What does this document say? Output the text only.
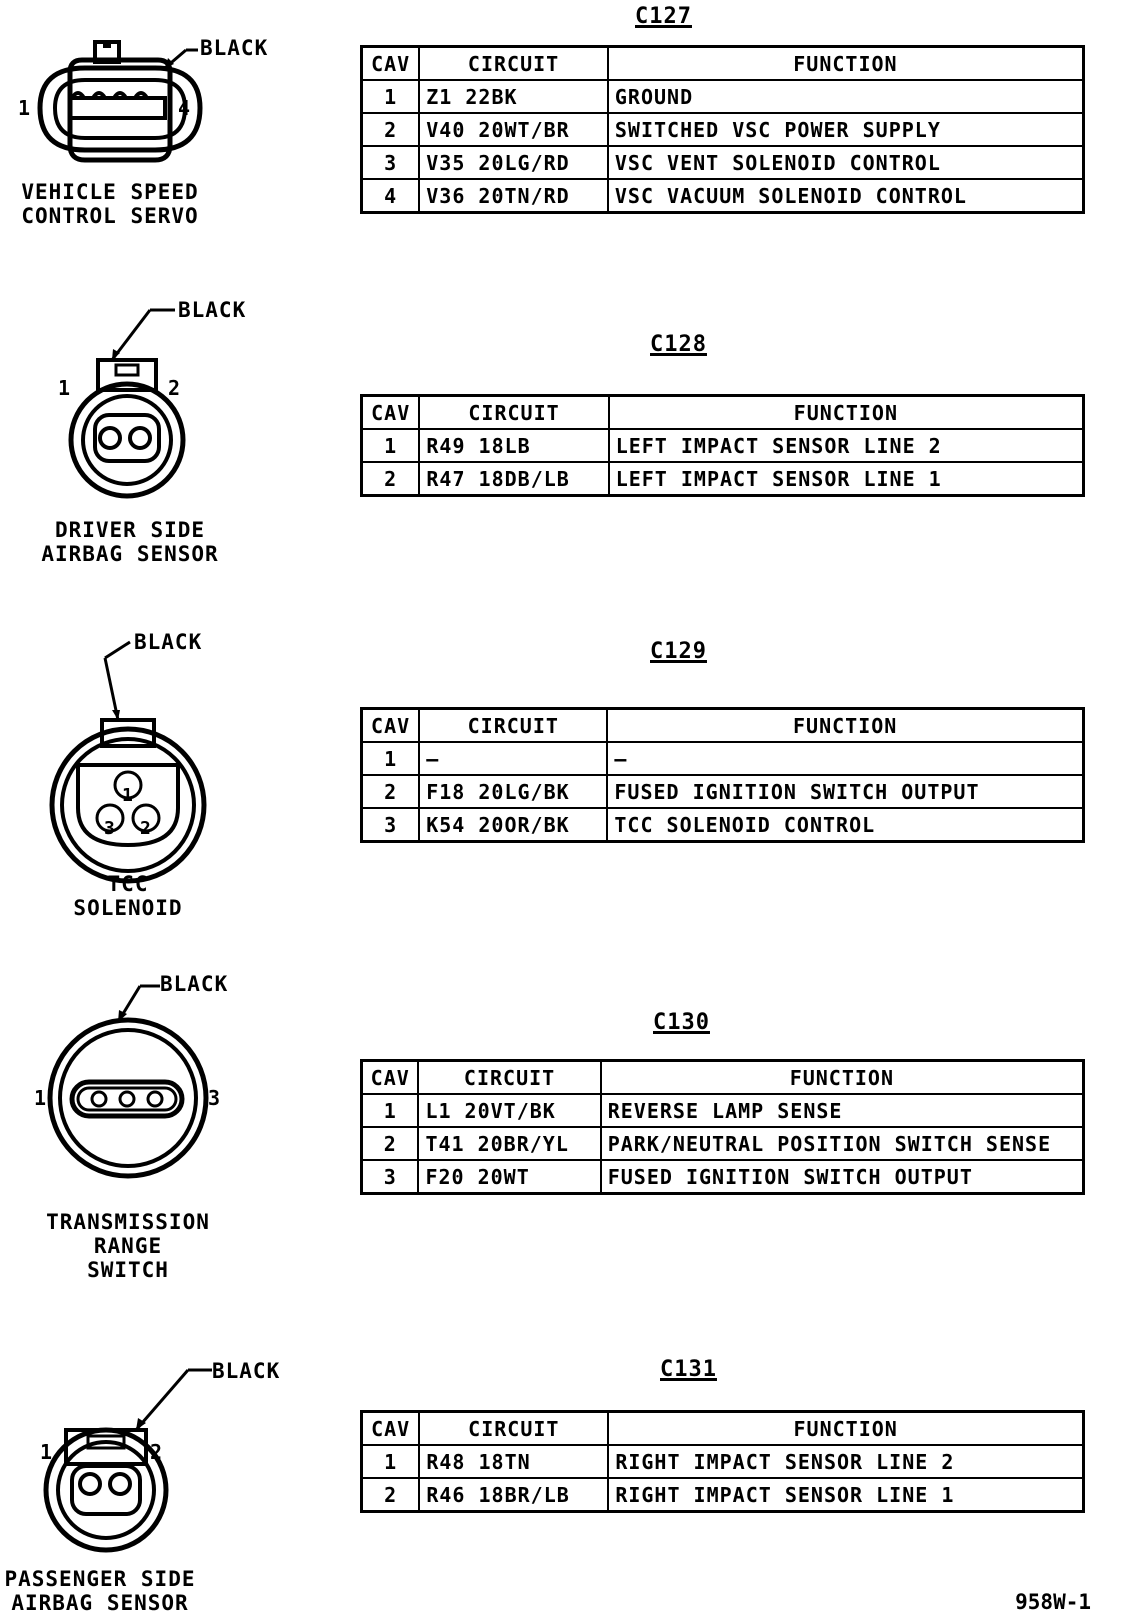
BLACK
1	4
VEHICLE SPEED
CONTROL SERVO
C127
CAV	CIRCUIT	FUNCTION
1	Z1 22BK	GROUND
2	V40 20WT/BR	SWITCHED VSC POWER SUPPLY
3	V35 20LG/RD	VSC VENT SOLENOID CONTROL
4	V36 20TN/RD	VSC VACUUM SOLENOID CONTROL
BLACK
1	2
DRIVER SIDE
AIRBAG SENSOR
C128
CAV	CIRCUIT	FUNCTION
1	R49 18LB	LEFT IMPACT SENSOR LINE 2
2	R47 18DB/LB	LEFT IMPACT SENSOR LINE 1
1
3 2
BLACK
TCC
SOLENOID
C129
CAV	CIRCUIT	FUNCTION
1	—	—
2	F18 20LG/BK	FUSED IGNITION SWITCH OUTPUT
3	K54 20OR/BK	TCC SOLENOID CONTROL
BLACK
1	3
TRANSMISSION
RANGE
SWITCH
C130
CAV	CIRCUIT	FUNCTION
1	L1 20VT/BK	REVERSE LAMP SENSE
2	T41 20BR/YL	PARK/NEUTRAL POSITION SWITCH SENSE
3	F20 20WT	FUSED IGNITION SWITCH OUTPUT
BLACK
1	2
PASSENGER SIDE
AIRBAG SENSOR
C131
CAV	CIRCUIT	FUNCTION
1	R48 18TN	RIGHT IMPACT SENSOR LINE 2
2	R46 18BR/LB	RIGHT IMPACT SENSOR LINE 1
958W-1
